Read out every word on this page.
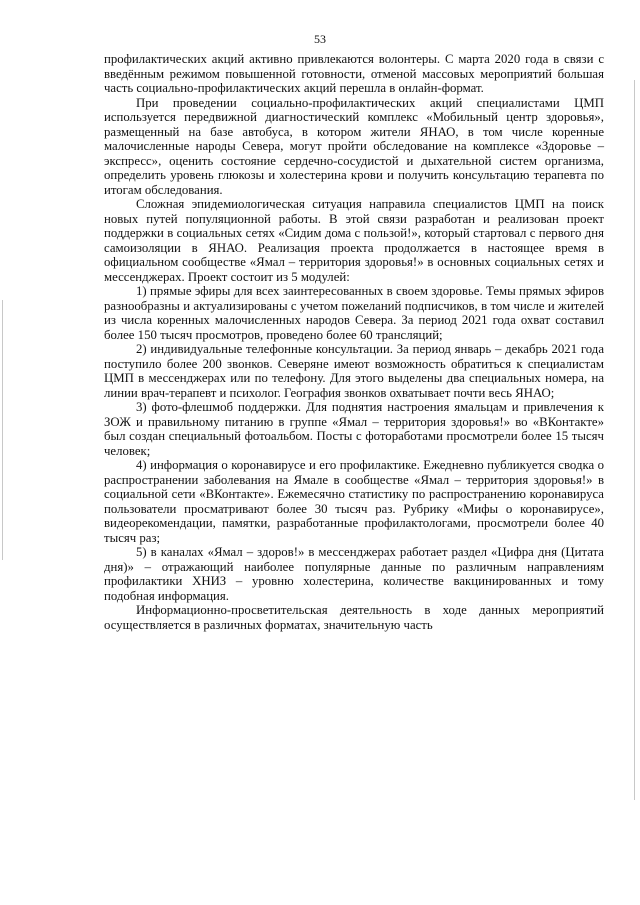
53

профилактических акций активно привлекаются волонтеры. С марта 2020 года в связи с введённым режимом повышенной готовности, отменой массовых мероприятий большая часть социально-профилактических акций перешла в онлайн-формат.

При проведении социально-профилактических акций специалистами ЦМП используется передвижной диагностический комплекс «Мобильный центр здоровья», размещенный на базе автобуса, в котором жители ЯНАО, в том числе коренные малочисленные народы Севера, могут пройти обследование на комплексе «Здоровье – экспресс», оценить состояние сердечно-сосудистой и дыхательной систем организма, определить уровень глюкозы и холестерина крови и получить консультацию терапевта по итогам обследования.

Сложная эпидемиологическая ситуация направила специалистов ЦМП на поиск новых путей популяционной работы. В этой связи разработан и реализован проект поддержки в социальных сетях «Сидим дома с пользой!», который стартовал с первого дня самоизоляции в ЯНАО. Реализация проекта продолжается в настоящее время в официальном сообществе «Ямал – территория здоровья!» в основных социальных сетях и мессенджерах. Проект состоит из 5 модулей:

1) прямые эфиры для всех заинтересованных в своем здоровье. Темы прямых эфиров разнообразны и актуализированы с учетом пожеланий подписчиков, в том числе и жителей из числа коренных малочисленных народов Севера. За период 2021 года охват составил более 150 тысяч просмотров, проведено более 60 трансляций;

2) индивидуальные телефонные консультации. За период январь – декабрь 2021 года поступило более 200 звонков. Северяне имеют возможность обратиться к специалистам ЦМП в мессенджерах или по телефону. Для этого выделены два специальных номера, на линии врач-терапевт и психолог. География звонков охватывает почти весь ЯНАО;

3) фото-флешмоб поддержки. Для поднятия настроения ямальцам и привлечения к ЗОЖ и правильному питанию в группе «Ямал – территория здоровья!» во «ВКонтакте» был создан специальный фотоальбом. Посты с фотоработами просмотрели более 15 тысяч человек;

4) информация о коронавирусе и его профилактике. Ежедневно публикуется сводка о распространении заболевания на Ямале в сообществе «Ямал – территория здоровья!» в социальной сети «ВКонтакте». Ежемесячно статистику по распространению коронавируса пользователи просматривают более 30 тысяч раз. Рубрику «Мифы о коронавирусе», видеорекомендации, памятки, разработанные профилактологами, просмотрели более 40 тысяч раз;

5) в каналах «Ямал – здоров!» в мессенджерах работает раздел «Цифра дня (Цитата дня)» – отражающий наиболее популярные данные по различным направлениям профилактики ХНИЗ – уровню холестерина, количестве вакцинированных и тому подобная информация.

Информационно-просветительская деятельность в ходе данных мероприятий осуществляется в различных форматах, значительную часть
